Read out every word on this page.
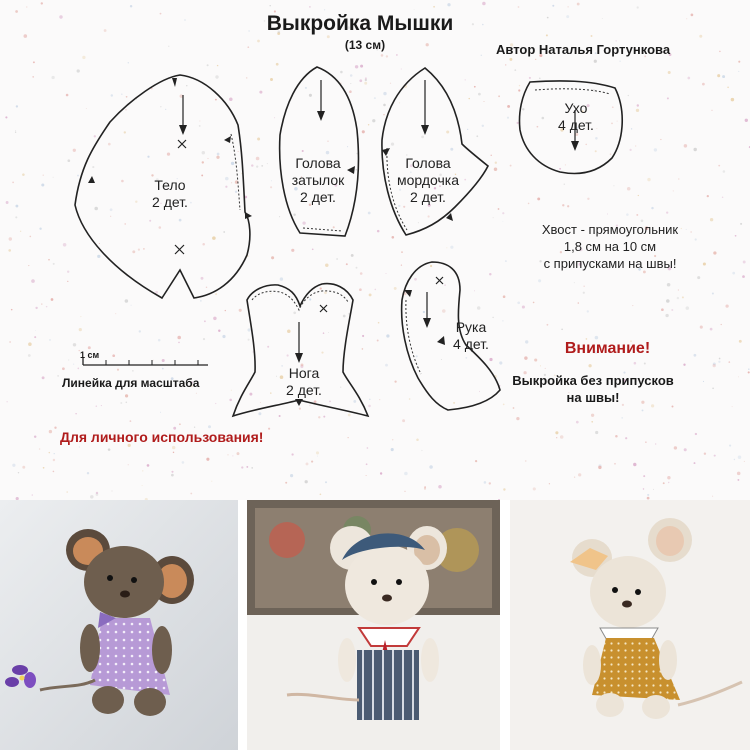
Выкройка Мышки
(13 см)	Автор Наталья Гортункова
Тело
2 дет.
Голова
затылок
2 дет.
Голова
мордочка
2 дет.
Ухо
4 дет.
Нога
2 дет.
Рука
4 дет.
Хвост - прямоугольник
1,8 см на 10 см
с припусками на швы!
Внимание!
Выкройка без припусков
на швы!
1 см
Линейка для масштаба
Для личного использования!
